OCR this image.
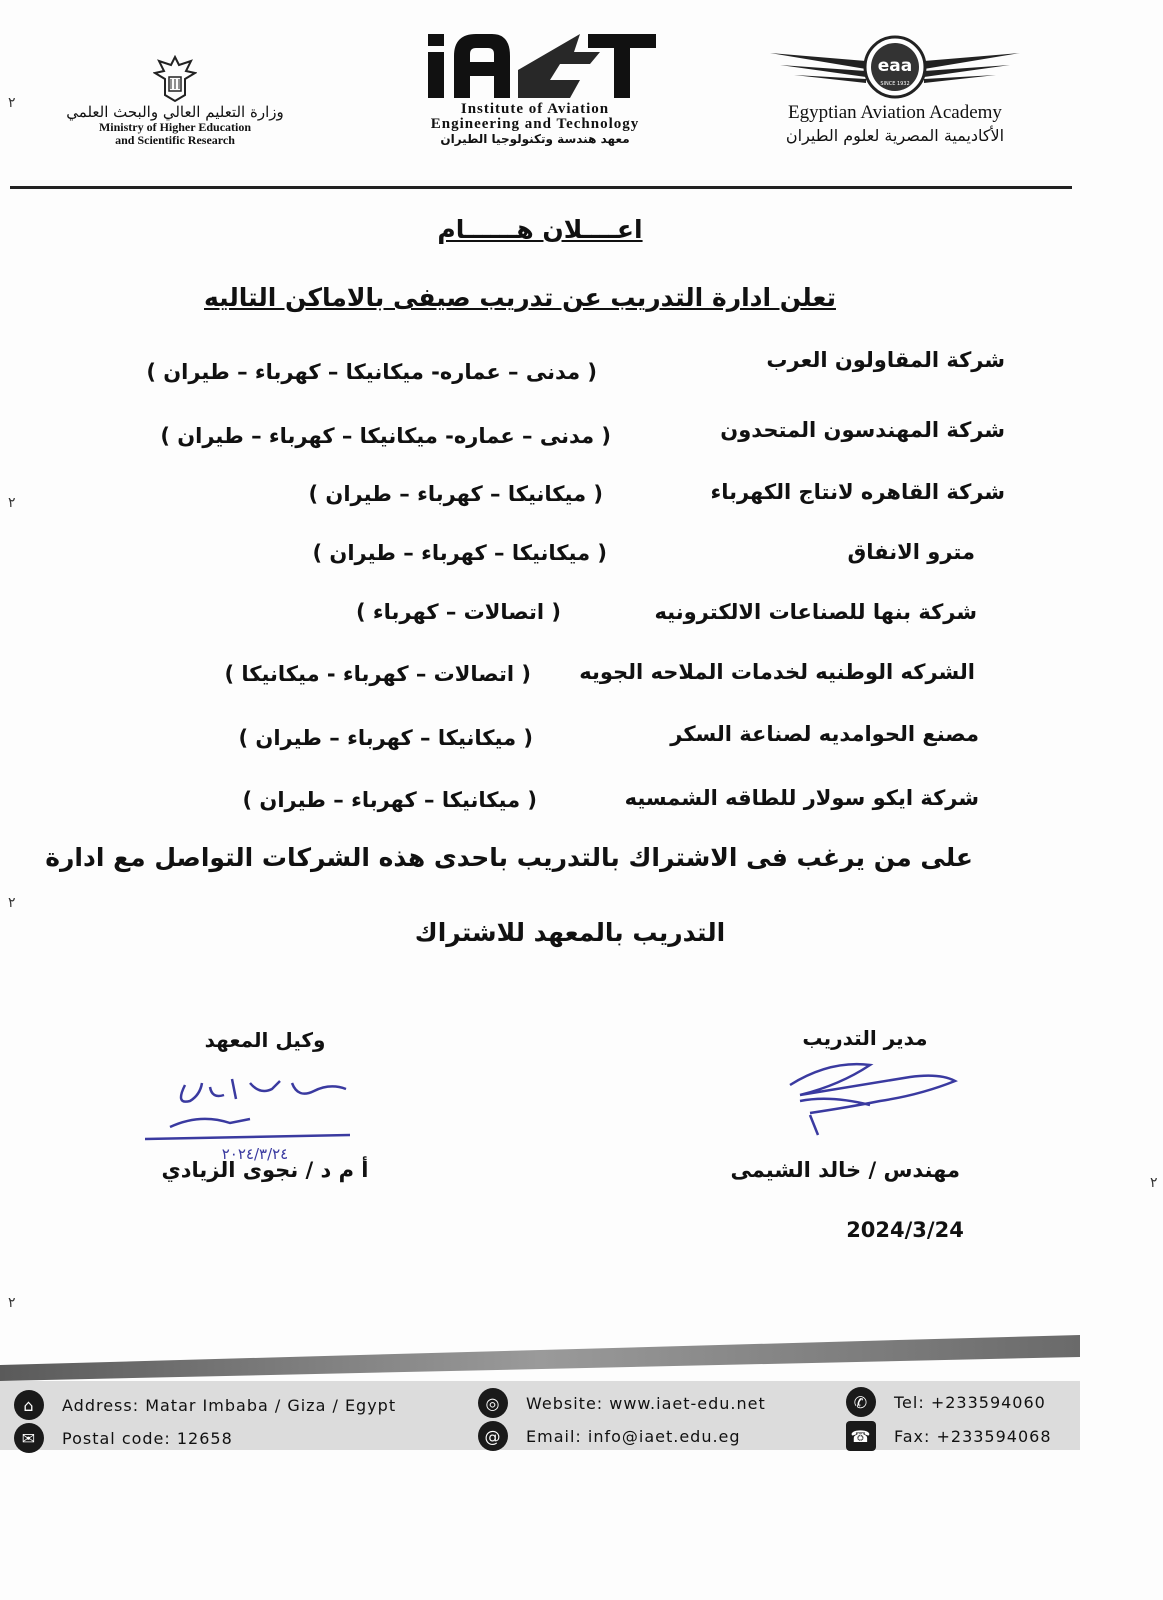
وزارة التعليم العالي والبحث العلمي
Ministry of Higher Education
and Scientific Research
Institute of Aviation
Engineering and Technology
معهد هندسة وتكنولوجيا الطيران
eaa
SINCE 1932
Egyptian Aviation Academy
الأكاديمية المصرية لعلوم الطيران
٢
٢
٢
٢
٢
اعــــلان هــــــام
تعلن ادارة التدريب عن تدريب صيفى بالاماكن التاليه
شركة المقاولون العرب
( مدنى – عماره- ميكانيكا – كهرباء – طيران )
شركة المهندسون المتحدون
( مدنى – عماره- ميكانيكا – كهرباء – طيران )
شركة القاهره لانتاج الكهرباء
( ميكانيكا – كهرباء – طيران )
مترو الانفاق
( ميكانيكا – كهرباء – طيران )
شركة بنها للصناعات الالكترونيه
( اتصالات – كهرباء )
الشركه الوطنيه لخدمات الملاحه الجويه
( اتصالات – كهرباء - ميكانيكا )
مصنع الحوامديه لصناعة السكر
( ميكانيكا – كهرباء – طيران )
شركة ايكو سولار للطاقه الشمسيه
( ميكانيكا – كهرباء – طيران )
على من يرغب فى الاشتراك بالتدريب باحدى هذه الشركات التواصل مع ادارة
التدريب بالمعهد للاشتراك
وكيل المعهد
٢٠٢٤/٣/٢٤
أ م د / نجوى الزيادي
مدير التدريب
مهندس / خالد الشيمى
2024/3/24
⌂	Address: Matar Imbaba / Giza / Egypt
✉	Postal code: 12658
◎	Website: www.iaet-edu.net
@	Email: info@iaet.edu.eg
✆	Tel: +233594060
☎ Fax: +233594068
